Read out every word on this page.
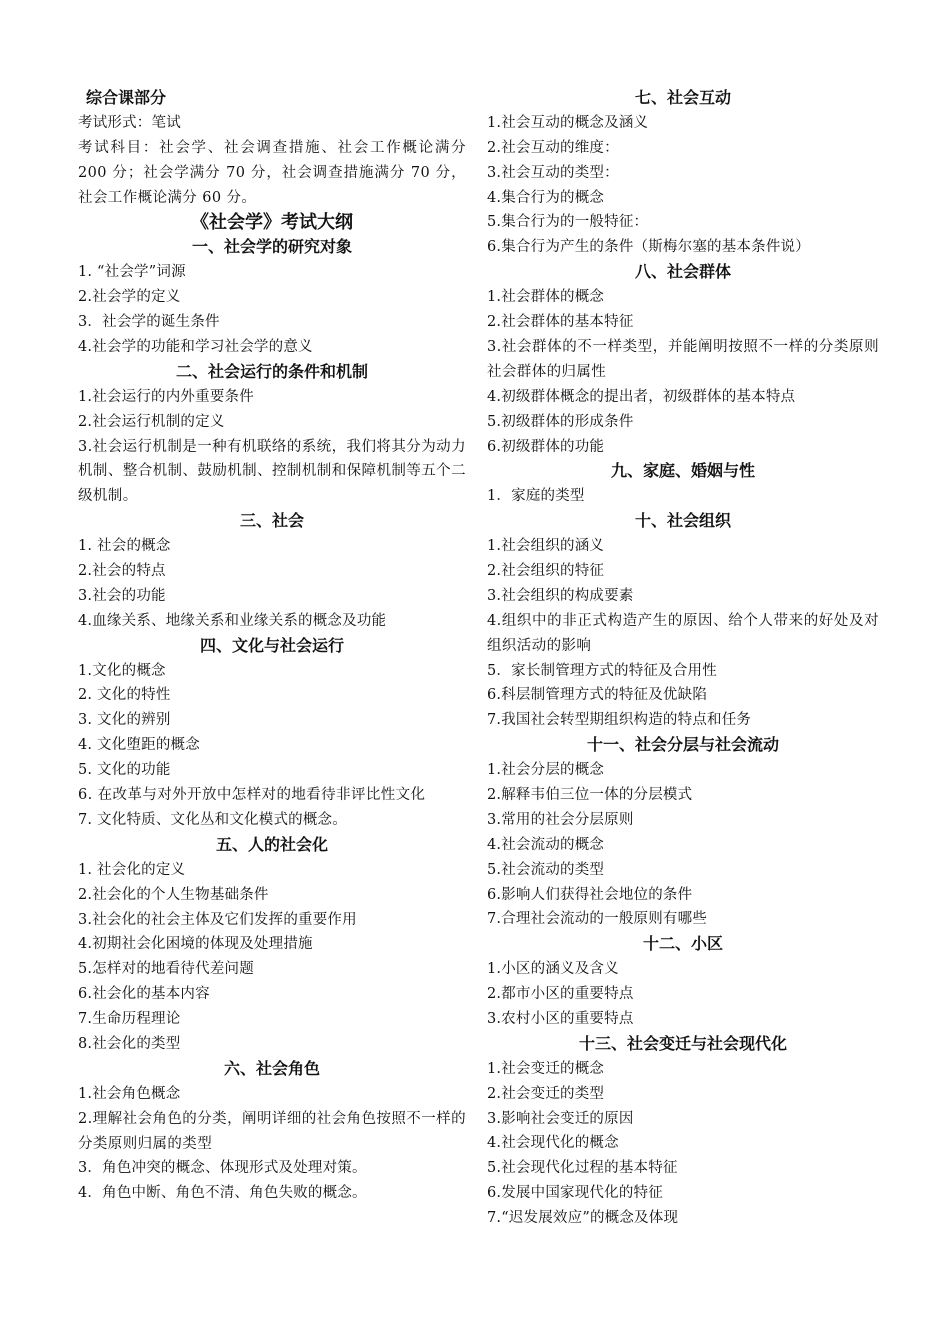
综合课部分
考试形式：笔试
考试科目：社会学、社会调查措施、社会工作概论满分 200 分；社会学满分 70 分，社会调查措施满分 70 分，社会工作概论满分 60 分。
《社会学》考试大纲
一、社会学的研究对象
1. “社会学”词源
2.社会学的定义
3．社会学的诞生条件
4.社会学的功能和学习社会学的意义
二、社会运行的条件和机制
1.社会运行的内外重要条件
2.社会运行机制的定义
3.社会运行机制是一种有机联络的系统，我们将其分为动力机制、整合机制、鼓励机制、控制机制和保障机制等五个二级机制。
三、社会
1. 社会的概念
2.社会的特点
3.社会的功能
4.血缘关系、地缘关系和业缘关系的概念及功能
四、文化与社会运行
1.文化的概念
2. 文化的特性
3. 文化的辨别
4. 文化堕距的概念
5. 文化的功能
6. 在改革与对外开放中怎样对的地看待非评比性文化
7. 文化特质、文化丛和文化模式的概念。
五、人的社会化
1. 社会化的定义
2.社会化的个人生物基础条件
3.社会化的社会主体及它们发挥的重要作用
4.初期社会化困境的体现及处理措施
5.怎样对的地看待代差问题
6.社会化的基本内容
7.生命历程理论
8.社会化的类型
六、社会角色
1.社会角色概念
2.理解社会角色的分类，阐明详细的社会角色按照不一样的分类原则归属的类型
3．角色冲突的概念、体现形式及处理对策。
4．角色中断、角色不清、角色失败的概念。
七、社会互动
1.社会互动的概念及涵义
2.社会互动的维度：
3.社会互动的类型：
4.集合行为的概念
5.集合行为的一般特征：
6.集合行为产生的条件（斯梅尔塞的基本条件说）
八、社会群体
1.社会群体的概念
2.社会群体的基本特征
3.社会群体的不一样类型，并能阐明按照不一样的分类原则社会群体的归属性
4.初级群体概念的提出者，初级群体的基本特点
5.初级群体的形成条件
6.初级群体的功能
九、家庭、婚姻与性
1．家庭的类型
十、社会组织
1.社会组织的涵义
2.社会组织的特征
3.社会组织的构成要素
4.组织中的非正式构造产生的原因、给个人带来的好处及对组织活动的影响
5．家长制管理方式的特征及合用性
6.科层制管理方式的特征及优缺陷
7.我国社会转型期组织构造的特点和任务
十一、社会分层与社会流动
1.社会分层的概念
2.解释韦伯三位一体的分层模式
3.常用的社会分层原则
4.社会流动的概念
5.社会流动的类型
6.影响人们获得社会地位的条件
7.合理社会流动的一般原则有哪些
十二、小区
1.小区的涵义及含义
2.都市小区的重要特点
3.农村小区的重要特点
十三、社会变迁与社会现代化
1.社会变迁的概念
2.社会变迁的类型
3.影响社会变迁的原因
4.社会现代化的概念
5.社会现代化过程的基本特征
6.发展中国家现代化的特征
7.“迟发展效应”的概念及体现
